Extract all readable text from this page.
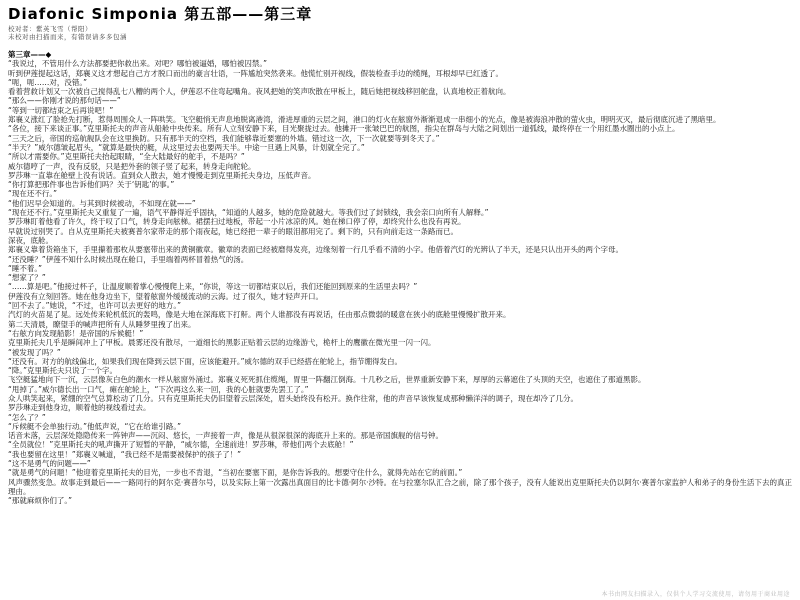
Diafonic Simponia 第五部——第三章
校对者：紫英飞雪（帮阳）
未校对由扫描而来，有错误请多多包涵

第三章——◆

“我说过，不管用什么方法都要把你救出来。对吧？哪怕被逼婚，哪怕被囚禁。”

听到伊莲提起这话，郑襄义这才想起自己方才脱口而出的豪言壮语，一阵尴尬突然袭来。他慌忙别开视线，假装检查手边的缆绳，耳根却早已红透了。

“呃，呃……对，没错。”

看着营救计划又一次被自己搅得乱七八糟的两个人，伊莲忍不住弯起嘴角。夜风把她的笑声吹散在甲板上，随后她把视线移回舵盘，认真地校正着航向。

“那么——你刚才说的那句话——”

“等到一切都结束之后再说吧！”

郑襄义涨红了脸抢先打断，惹得周围众人一阵哄笑。飞空艇悄无声息地脱离港湾，滑进厚重的云层之间，港口的灯火在舷窗外渐渐退成一串细小的光点，像是被海浪冲散的萤火虫，明明灭灭，最后彻底沉进了黑暗里。

“各位，接下来谈正事。”克里斯托夫的声音从船舱中央传来。所有人立刻安静下来，目光聚拢过去。他摊开一张皱巴巴的航图，指尖在群岛与大陆之间划出一道弧线，最终停在一个用红墨水圈出的小点上。

“三天之后，帝国的巡航舰队会在这里换防。只有那半天的空档，我们能够靠近要塞的外墙。错过这一次，下一次就要等到冬天了。”

“半天？”威尔德皱起眉头，“就算是最快的艇，从这里过去也要两天半。中途一旦遇上风暴，计划就全完了。”

“所以才需要你。”克里斯托夫抬起眼睛，“全大陆最好的舵手，不是吗？”

威尔德哼了一声，没有反驳，只是把外套的领子竖了起来，转身走向舵轮。

罗莎琳一直靠在舱壁上没有说话。直到众人散去，她才慢慢走到克里斯托夫身边，压低声音。

“你打算把那件事也告诉他们吗？关于‘钥匙’的事。”

“现在还不行。”

“他们迟早会知道的。与其到时候被动，不如现在就——”

“现在还不行。”克里斯托夫又重复了一遍，语气平静得近乎固执，“知道的人越多，她的危险就越大。等我们过了封锁线，我会亲口向所有人解释。”

罗莎琳盯着他看了许久，终于叹了口气，转身走向舷梯。裙摆扫过地板，带起一小片冰凉的风。她在梯口停了停，却终究什么也没有再说。

早就说过别哭了。自从克里斯托夫被赛普尔家带走的那个雨夜起，她已经把一辈子的眼泪都用完了。剩下的，只有向前走这一条路而已。

深夜，底舱。

郑襄义靠着货箱坐下，手里攥着那枚从要塞带出来的黄铜徽章。徽章的表面已经被磨得发亮，边缘刻着一行几乎看不清的小字。他借着汽灯的光辨认了半天，还是只认出开头的两个字母。

“还没睡？”伊莲不知什么时候出现在舱口，手里端着两杯冒着热气的汤。

“睡不着。”

“想家了？”

“……算是吧。”他接过杯子，让温度顺着掌心慢慢爬上来，“你说，等这一切都结束以后，我们还能回到原来的生活里去吗？”

伊莲没有立刻回答。她在他身边坐下，望着舷窗外缓缓流动的云海。过了很久，她才轻声开口。

“回不去了。”她说，“不过，也许可以去更好的地方。”

汽灯的火苗晃了晃。远处传来轮机低沉的轰鸣，像是大地在深海底下打鼾。两个人谁都没有再说话，任由那点微弱的暖意在狭小的底舱里慢慢扩散开来。

第二天清晨，瞭望手的喊声把所有人从睡梦里拽了出来。

“右舷方向发现船影！是帝国的斥候艇！”

克里斯托夫几乎是瞬间冲上了甲板。晨雾还没有散尽，一道细长的黑影正贴着云层的边缘游弋，桅杆上的鹰徽在微光里一闪一闪。

“被发现了吗？”

“还没有。对方的航线偏北，如果我们现在降到云层下面，应该能避开。”威尔德的双手已经搭在舵轮上，指节绷得发白。

“降。”克里斯托夫只说了一个字。

飞空艇猛地向下一沉，云层像灰白色的潮水一样从舷窗外涌过。郑襄义死死抓住缆绳，胃里一阵翻江倒海。十几秒之后，世界重新安静下来，厚厚的云幕遮住了头顶的天空，也遮住了那道黑影。

“甩掉了。”威尔德长出一口气，瘫在舵轮上，“下次再这么来一回，我的心脏就要先罢工了。”

众人哄笑起来，紧绷的空气总算松动了几分。只有克里斯托夫仍旧望着云层深处，眉头始终没有松开。换作往常，他的声音早该恢复成那种懒洋洋的调子，现在却冷了几分。

罗莎琳走到他身边，顺着他的视线看过去。

“怎么了？”

“斥候艇不会单独行动。”他低声说，“它在给谁引路。”

话音未落，云层深处隐隐传来一阵钟声——沉闷、悠长，一声接着一声，像是从很深很深的海底升上来的。那是帝国旗舰的信号钟。

“全员就位！”克里斯托夫的吼声撕开了短暂的平静，“威尔德，全速前进！罗莎琳，带他们两个去底舱！”

“我也要留在这里！”郑襄义喊道，“我已经不是需要被保护的孩子了！”

“这不是勇气的问题——”

“就是勇气的问题！”他迎着克里斯托夫的目光，一步也不肯退，“当初在要塞下面，是你告诉我的。想要守住什么，就得先站在它的前面。”

风声骤然变急。故事走到最后——一路同行的阿尔克·赛普尔号，以及实际上第一次露出真面目的比卡德·阿尔·沙特。在与拉塞尔队汇合之前，除了那个孩子，没有人能说出克里斯托夫仍以阿尔·赛普尔家监护人和弟子的身份生活下去的真正理由。

“那就麻烦你们了。”

本书由网友扫描录入，仅供个人学习交流使用，请勿用于商业用途
